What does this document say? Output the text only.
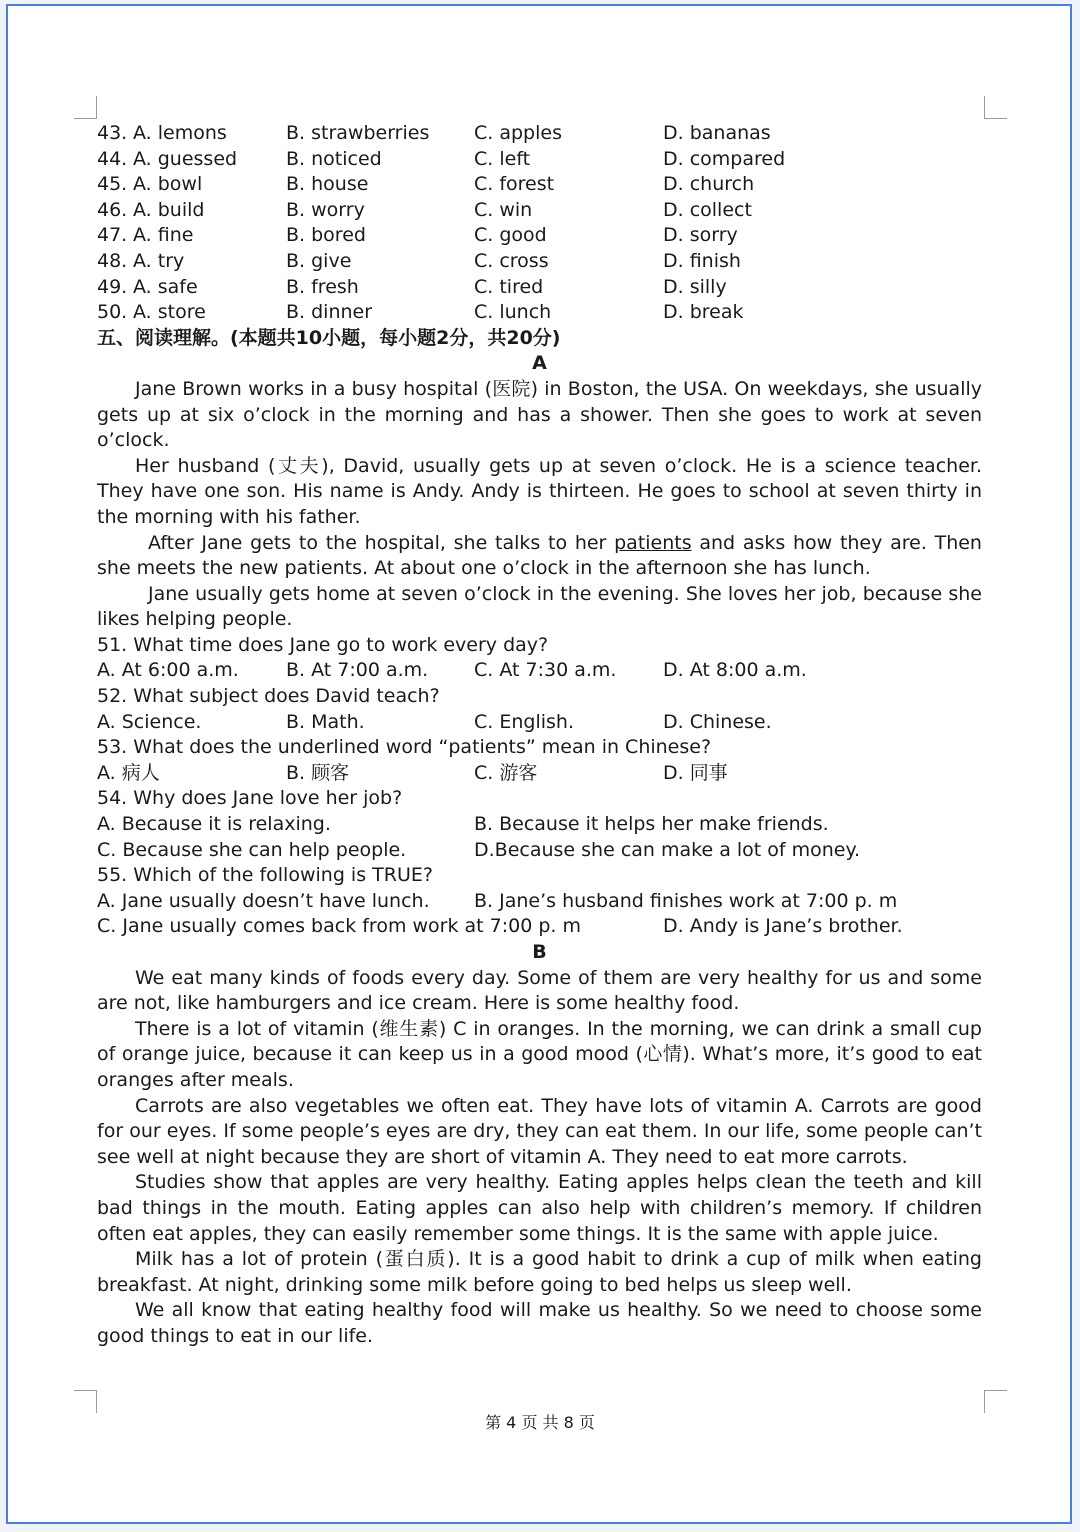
43. A. lemons	B. strawberries C. apples	D. bananas
44. A. guessed	B. noticed	C. left	D. compared
45. A. bowl	B. house	C. forest	D. church
46. A. build	B. worry	C. win	D. collect
47. A. fine	B. bored	C. good	D. sorry
48. A. try	B. give	C. cross	D. finish
49. A. safe	B. fresh	C. tired	D. silly
50. A. store	B. dinner	C. lunch	D. break
五、阅读理解。(本题共10小题，每小题2分，共20分)
A

Jane Brown works in a busy hospital (医院) in Boston, the USA. On weekdays, she usually gets up at six o’clock in the morning and has a shower. Then she goes to work at seven o’clock.

Her husband (丈夫), David, usually gets up at seven o’clock. He is a science teacher. They have one son. His name is Andy. Andy is thirteen. He goes to school at seven thirty in the morning with his father.

After Jane gets to the hospital, she talks to her patients and asks how they are. Then she meets the new patients. At about one o’clock in the afternoon she has lunch.

Jane usually gets home at seven o’clock in the evening. She loves her job, because she likes helping people.

51. What time does Jane go to work every day?
A. At 6:00 a.m. B. At 7:00 a.m. C. At 7:30 a.m. D. At 8:00 a.m.
52. What subject does David teach?
A. Science.	B. Math.	C. English.	D. Chinese.
53. What does the underlined word “patients” mean in Chinese?
A. 病人	B. 顾客	C. 游客	D. 同事
54. Why does Jane love her job?
A. Because it is relaxing.	B. Because it helps her make friends.
C. Because she can help people.	D.Because she can make a lot of money.
55. Which of the following is TRUE?
A. Jane usually doesn’t have lunch. B. Jane’s husband finishes work at 7:00 p. m
C. Jane usually comes back from work at 7:00 p. m	D. Andy is Jane’s brother.
B

We eat many kinds of foods every day. Some of them are very healthy for us and some are not, like hamburgers and ice cream. Here is some healthy food.

There is a lot of vitamin (维生素) C in oranges. In the morning, we can drink a small cup of orange juice, because it can keep us in a good mood (心情). What’s more, it’s good to eat oranges after meals.

Carrots are also vegetables we often eat. They have lots of vitamin A. Carrots are good for our eyes. If some people’s eyes are dry, they can eat them. In our life, some people can’t see well at night because they are short of vitamin A. They need to eat more carrots.

Studies show that apples are very healthy. Eating apples helps clean the teeth and kill bad things in the mouth. Eating apples can also help with children’s memory. If children often eat apples, they can easily remember some things. It is the same with apple juice.

Milk has a lot of protein (蛋白质). It is a good habit to drink a cup of milk when eating breakfast. At night, drinking some milk before going to bed helps us sleep well.

We all know that eating healthy food will make us healthy. So we need to choose some good things to eat in our life.

第 4 页 共 8 页
